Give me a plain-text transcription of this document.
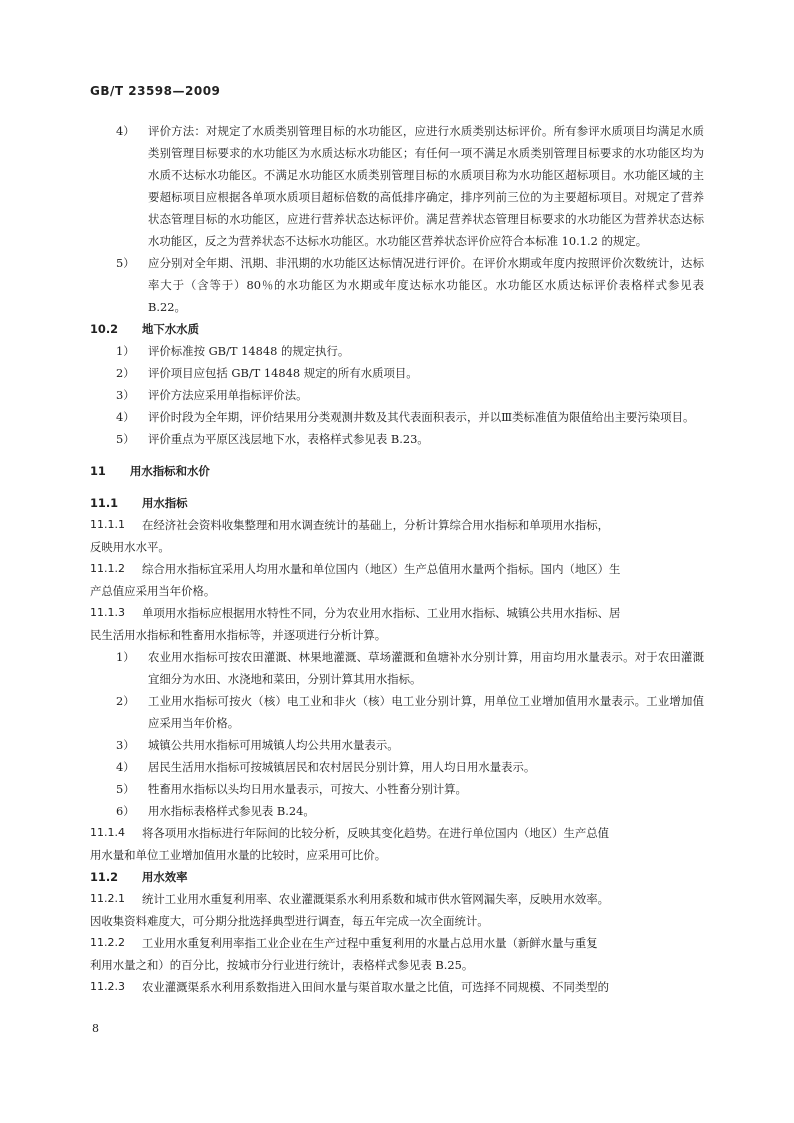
GB/T 23598—2009
4）	评价方法：对规定了水质类别管理目标的水功能区，应进行水质类别达标评价。所有参评水质项目均满足水质类别管理目标要求的水功能区为水质达标水功能区；有任何一项不满足水质类别管理目标要求的水功能区均为水质不达标水功能区。不满足水功能区水质类别管理目标的水质项目称为水功能区超标项目。水功能区域的主要超标项目应根据各单项水质项目超标倍数的高低排序确定，排序列前三位的为主要超标项目。对规定了营养状态管理目标的水功能区，应进行营养状态达标评价。满足营养状态管理目标要求的水功能区为营养状态达标水功能区，反之为营养状态不达标水功能区。水功能区营养状态评价应符合本标准 10.1.2 的规定。
5）	应分别对全年期、汛期、非汛期的水功能区达标情况进行评价。在评价水期或年度内按照评价次数统计，达标率大于（含等于）80％的水功能区为水期或年度达标水功能区。水功能区水质达标评价表格样式参见表 B.22。
10.2 地下水水质
1）	评价标准按 GB/T 14848 的规定执行。
2）	评价项目应包括 GB/T 14848 规定的所有水质项目。
3）	评价方法应采用单指标评价法。
4）	评价时段为全年期，评价结果用分类观测井数及其代表面积表示，并以Ⅲ类标准值为限值给出主要污染项目。
5）	评价重点为平原区浅层地下水，表格样式参见表 B.23。
11 用水指标和水价
11.1 用水指标
11.1.1	在经济社会资料收集整理和用水调查统计的基础上，分析计算综合用水指标和单项用水指标，
反映用水水平。
11.1.2	综合用水指标宜采用人均用水量和单位国内（地区）生产总值用水量两个指标。国内（地区）生
产总值应采用当年价格。
11.1.3	单项用水指标应根据用水特性不同，分为农业用水指标、工业用水指标、城镇公共用水指标、居
民生活用水指标和牲畜用水指标等，并逐项进行分析计算。
1）	农业用水指标可按农田灌溉、林果地灌溉、草场灌溉和鱼塘补水分别计算，用亩均用水量表示。对于农田灌溉宜细分为水田、水浇地和菜田，分别计算其用水指标。
2）	工业用水指标可按火（核）电工业和非火（核）电工业分别计算，用单位工业增加值用水量表示。工业增加值应采用当年价格。
3）	城镇公共用水指标可用城镇人均公共用水量表示。
4）	居民生活用水指标可按城镇居民和农村居民分别计算，用人均日用水量表示。
5）	牲畜用水指标以头均日用水量表示，可按大、小牲畜分别计算。
6）	用水指标表格样式参见表 B.24。
11.1.4	将各项用水指标进行年际间的比较分析，反映其变化趋势。在进行单位国内（地区）生产总值
用水量和单位工业增加值用水量的比较时，应采用可比价。
11.2 用水效率
11.2.1	统计工业用水重复利用率、农业灌溉渠系水利用系数和城市供水管网漏失率，反映用水效率。
因收集资料难度大，可分期分批选择典型进行调查，每五年完成一次全面统计。
11.2.2	工业用水重复利用率指工业企业在生产过程中重复利用的水量占总用水量（新鲜水量与重复
利用水量之和）的百分比，按城市分行业进行统计，表格样式参见表 B.25。
11.2.3	农业灌溉渠系水利用系数指进入田间水量与渠首取水量之比值，可选择不同规模、不同类型的
8
